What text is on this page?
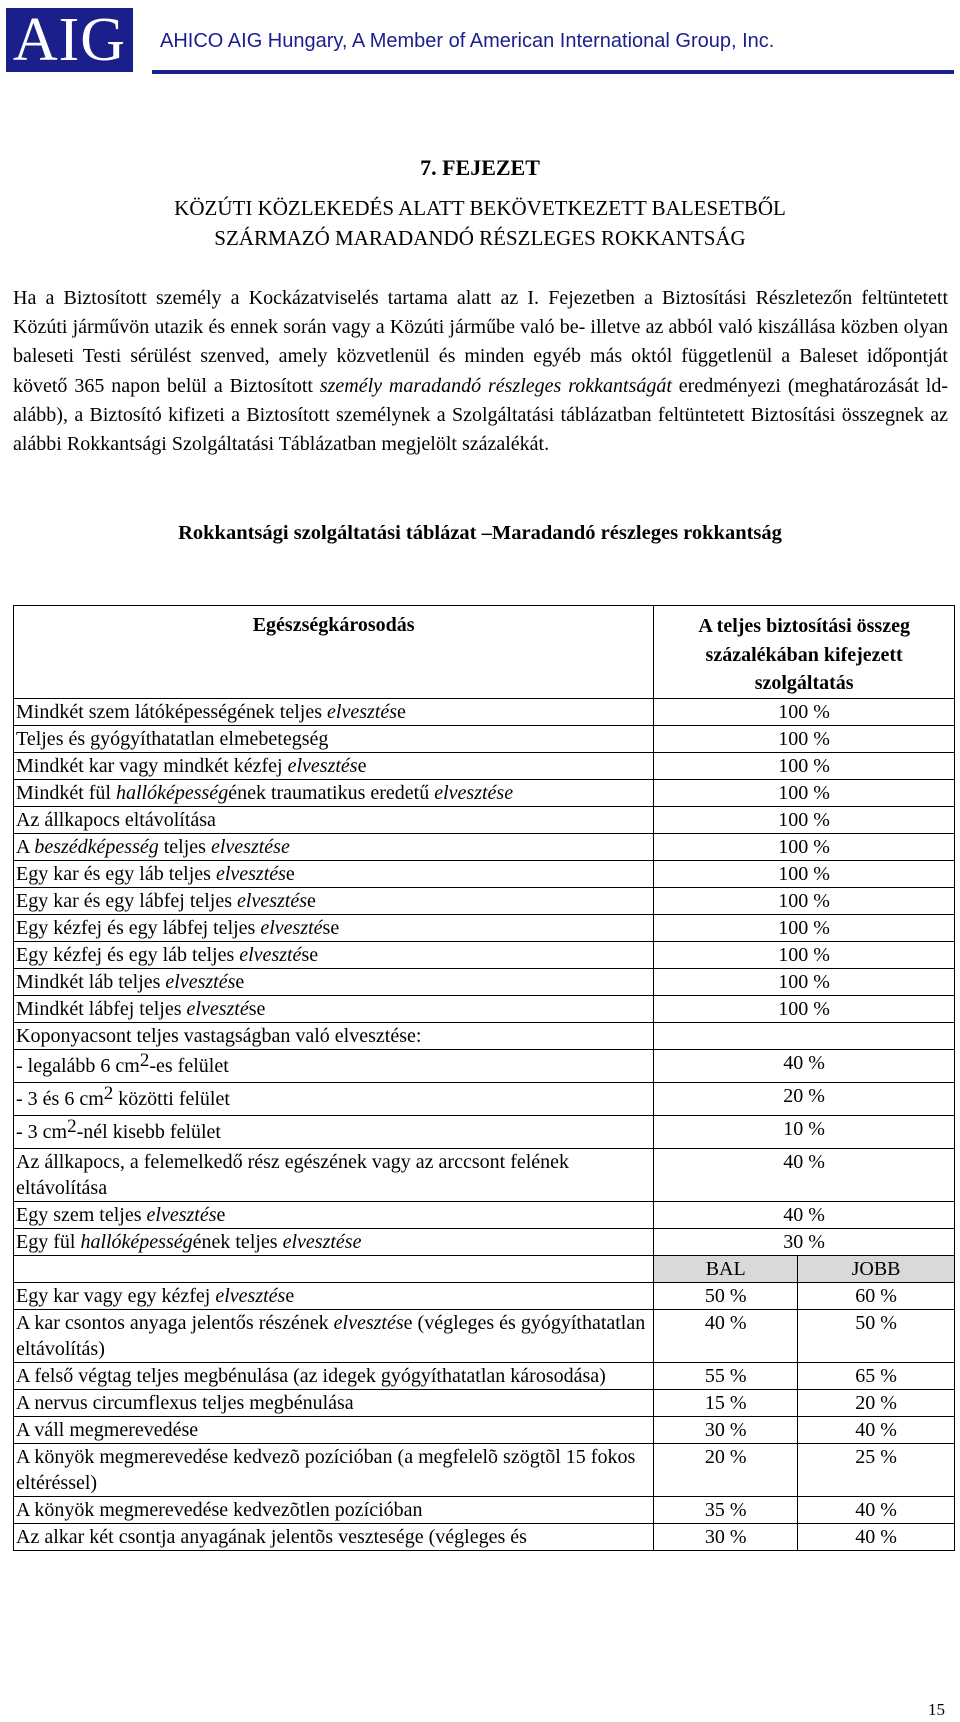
AIG	AHICO AIG Hungary, A Member of American International Group, Inc.
7. FEJEZET
KÖZÚTI KÖZLEKEDÉS ALATT BEKÖVETKEZETT BALESETBŐL
SZÁRMAZÓ MARADANDÓ RÉSZLEGES ROKKANTSÁG
Ha a Biztosított személy a Kockázatviselés tartama alatt az I. Fejezetben a Biztosítási Részletezőn feltüntetett Közúti járművön utazik és ennek során vagy a Közúti járműbe való be- illetve az abból való kiszállása közben olyan baleseti Testi sérülést szenved, amely közvetlenül és minden egyéb más októl függetlenül a Baleset időpontját követő 365 napon belül a Biztosított személy maradandó részleges rokkantságát eredményezi (meghatározását ld- alább), a Biztosító kifizeti a Biztosított személynek a Szolgáltatási táblázatban feltüntetett Biztosítási összegnek az alábbi Rokkantsági Szolgáltatási Táblázatban megjelölt százalékát.
Rokkantsági szolgáltatási táblázat –Maradandó részleges rokkantság
Egészségkárosodás	A teljes biztosítási összeg százalékában kifejezett szolgáltatás	
Mindkét szem látóképességének teljes elvesztése	100 %	
Teljes és gyógyíthatatlan elmebetegség	100 %	
Mindkét kar vagy mindkét kézfej elvesztése	100 %	
Mindkét fül hallóképességének traumatikus eredetű elvesztése	100 %	
Az állkapocs eltávolítása	100 %	
A beszédképesség teljes elvesztése	100 %	
Egy kar és egy láb teljes elvesztése	100 %	
Egy kar és egy lábfej teljes elvesztése	100 %	
Egy kézfej és egy lábfej teljes elvesztése	100 %	
Egy kézfej és egy láb teljes elvesztése	100 %	
Mindkét láb teljes elvesztése	100 %	
Mindkét lábfej teljes elvesztése	100 %	
Koponyacsont teljes vastagságban való elvesztése:		
- legalább 6 $cm^2-es$ felület	40 %	
- 3 és 6 $cm^2$ közötti felület	20 %	
- 3 $cm^2$-nél kisebb felület	10 %	
Az állkapocs, a felemelkedő rész egészének vagy az arccsont felének eltávolítása	40 %	
Egy szem teljes elvesztése	40 %	
Egy fül hallóképességének teljes elvesztése	30 %	
	BAL	JOBB
Egy kar vagy egy kézfej elvesztése	50 %	60 %
A kar csontos anyaga jelentős részének elvesztése (végleges és gyógyíthatatlan eltávolítás)	40 %	50 %
A felső végtag teljes megbénulása (az idegek gyógyíthatatlan károsodása)	55 %	65 %
A nervus circumflexus teljes megbénulása	15 %	20 %
A váll megmerevedése	30 %	40 %
A könyök megmerevedése kedvezõ pozícióban (a megfelelõ szögtõl 15 fokos eltéréssel)	20 %	25 %
A könyök megmerevedése kedvezõtlen pozícióban	35 %	40 %
Az alkar két csontja anyagának jelentõs vesztesége (végleges és	30 %	40 %
15
